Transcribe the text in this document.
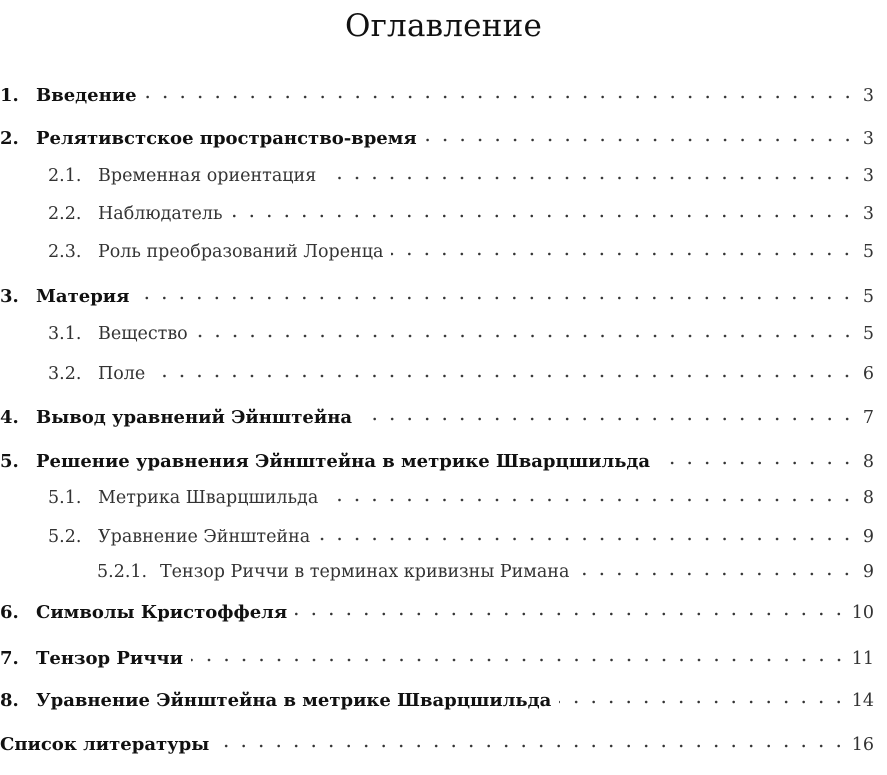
Оглавление
1. Введение	3
2. Релятивстское пространство-время	3
2.1. Временная ориентация	3
2.2. Наблюдатель	3
2.3. Роль преобразований Лоренца	5
3. Материя	5
3.1. Вещество	5
3.2. Поле	6
4. Вывод уравнений Эйнштейна	7
5. Решение уравнения Эйнштейна в метрике Шварцшильда	8
5.1. Метрика Шварцшильда	8
5.2. Уравнение Эйнштейна	9
5.2.1. Тензор Риччи в терминах кривизны Римана	9
6. Символы Кристоффеля	10
7. Тензор Риччи	11
8. Уравнение Эйнштейна в метрике Шварцшильда	14
Список литературы	16
